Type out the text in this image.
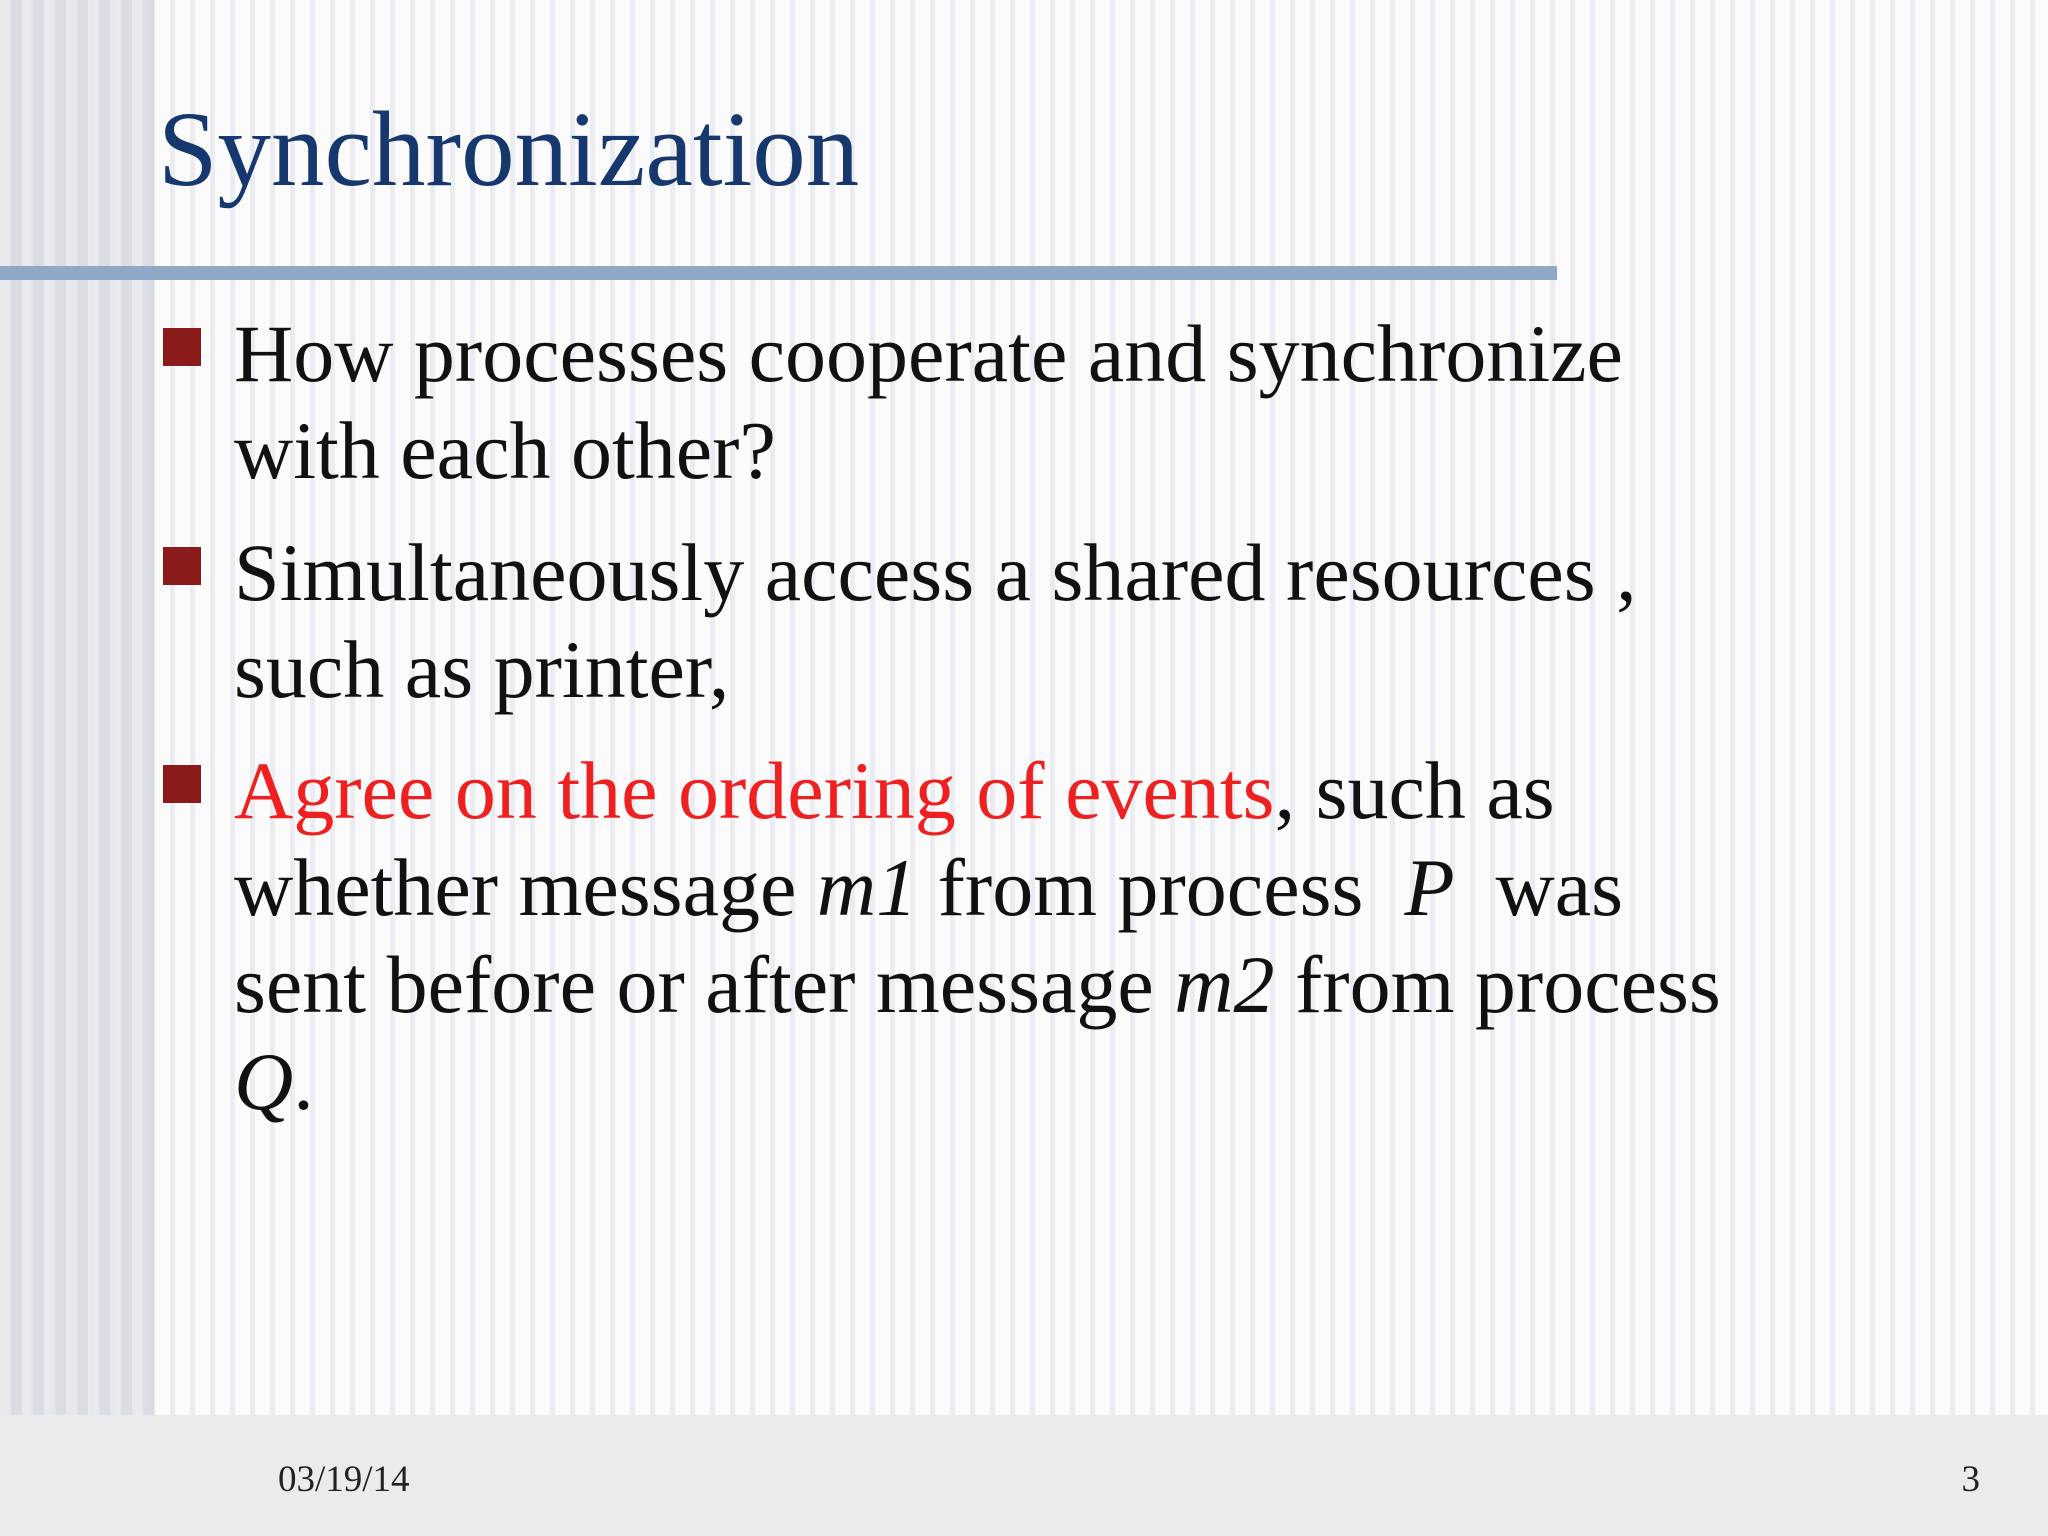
Synchronization

How processes cooperate and synchronize
with each other?

Simultaneously access a shared resources ,
such as printer,

Agree on the ordering of events, such as
whether message m1 from process  P  was
sent before or after message m2 from process
Q.

03/19/14	3
